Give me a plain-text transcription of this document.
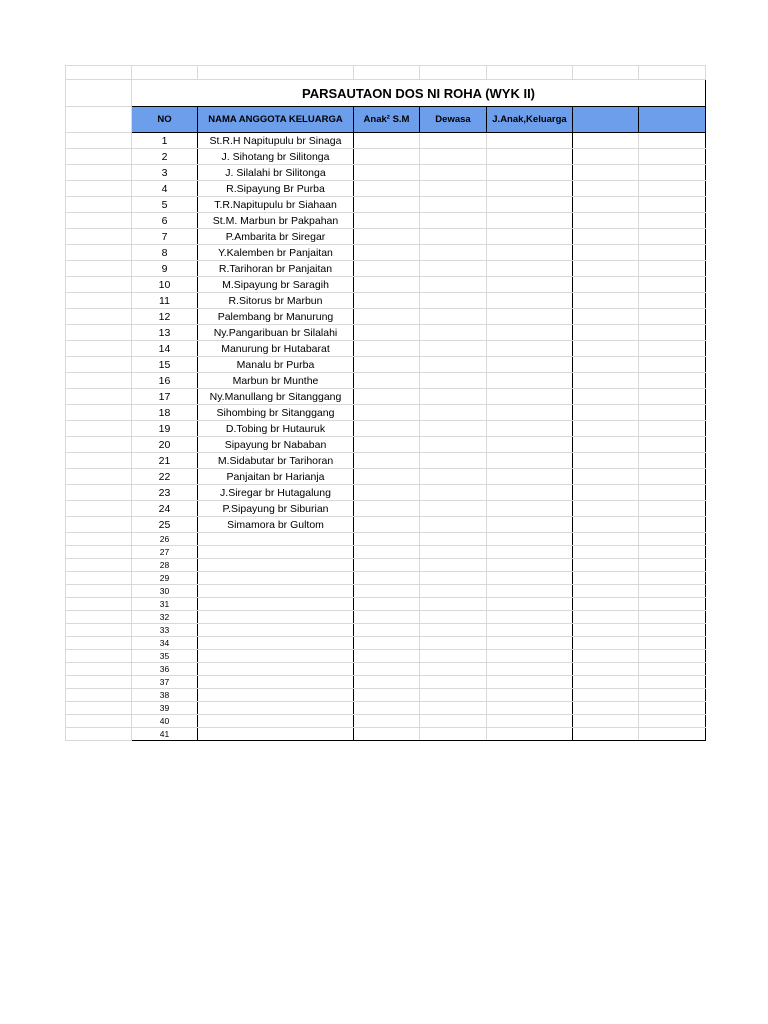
	PARSAUTAON DOS NI ROHA (WYK II)						
	NO	NAMA ANGGOTA KELUARGA	Anak² S.M	Dewasa	J.Anak,Keluarga		
	1	St.R.H Napitupulu br Sinaga					
	2	J. Sihotang br Silitonga					
	3	J. Silalahi br Silitonga					
	4	R.Sipayung Br Purba					
	5	T.R.Napitupulu br Siahaan					
	6	St.M. Marbun br Pakpahan					
	7	P.Ambarita br Siregar					
	8	Y.Kalemben br Panjaitan					
	9	R.Tarihoran br Panjaitan					
	10	M.Sipayung br Saragih					
	11	R.Sitorus br Marbun					
	12	Palembang br Manurung					
	13	Ny.Pangaribuan br Silalahi					
	14	Manurung br Hutabarat					
	15	Manalu br Purba					
	16	Marbun br Munthe					
	17	Ny.Manullang br Sitanggang					
	18	Sihombing br Sitanggang					
	19	D.Tobing br Hutauruk					
	20	Sipayung br Nababan					
	21	M.Sidabutar br Tarihoran					
	22	Panjaitan br Harianja					
	23	J.Siregar br Hutagalung					
	24	P.Sipayung br Siburian					
	25	Simamora br Gultom					
	26						
	27						
	28						
	29						
	30						
	31						
	32						
	33						
	34						
	35						
	36						
	37						
	38						
	39						
	40						
	41						
